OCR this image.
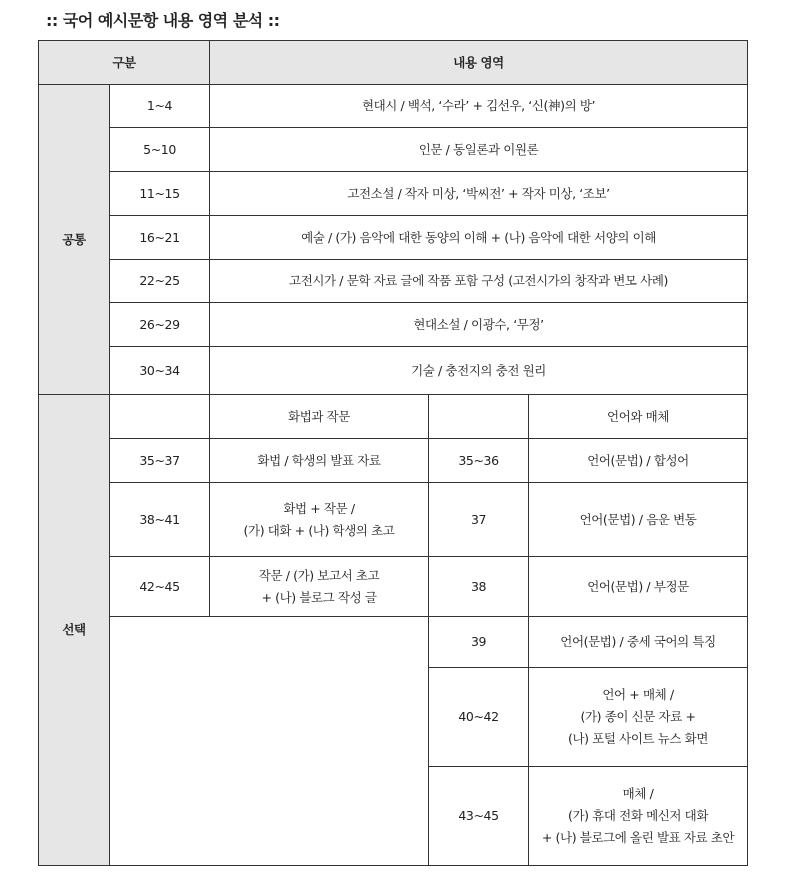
:: 국어 예시문항 내용 영역 분석 ::
구분		내용 영역		
공통	1~4	현대시 / 백석, ‘수라’ + 김선우, ‘신(神)의 방’		
	5~10	인문 / 동일론과 이원론		
	11~15	고전소설 / 작자 미상, ‘박씨전’ + 작자 미상, ‘조보’		
	16~21	예술 / (가) 음악에 대한 동양의 이해 + (나) 음악에 대한 서양의 이해		
	22~25	고전시가 / 문학 자료 글에 작품 포함 구성 (고전시가의 창작과 변모 사례)		
	26~29	현대소설 / 이광수, ‘무정’		
	30~34	기술 / 충전지의 충전 원리		
선택		화법과 작문		언어와 매체
	35~37	화법 / 학생의 발표 자료	35~36	언어(문법) / 합성어

	38~41	화법 + 작문 /
(가) 대화 + (나) 학생의 초고	37	언어(문법) / 음운 변동

	42~45	작문 / (가) 보고서 초고
+ (나) 블로그 작성 글	38	언어(문법) / 부정문

			39	언어(문법) / 중세 국어의 특징

			40~42	언어 + 매체 /
(가) 종이 신문 자료 +
(나) 포털 사이트 뉴스 화면

			43~45	매체 /
(가) 휴대 전화 메신저 대화
+ (나) 블로그에 올린 발표 자료 초안
